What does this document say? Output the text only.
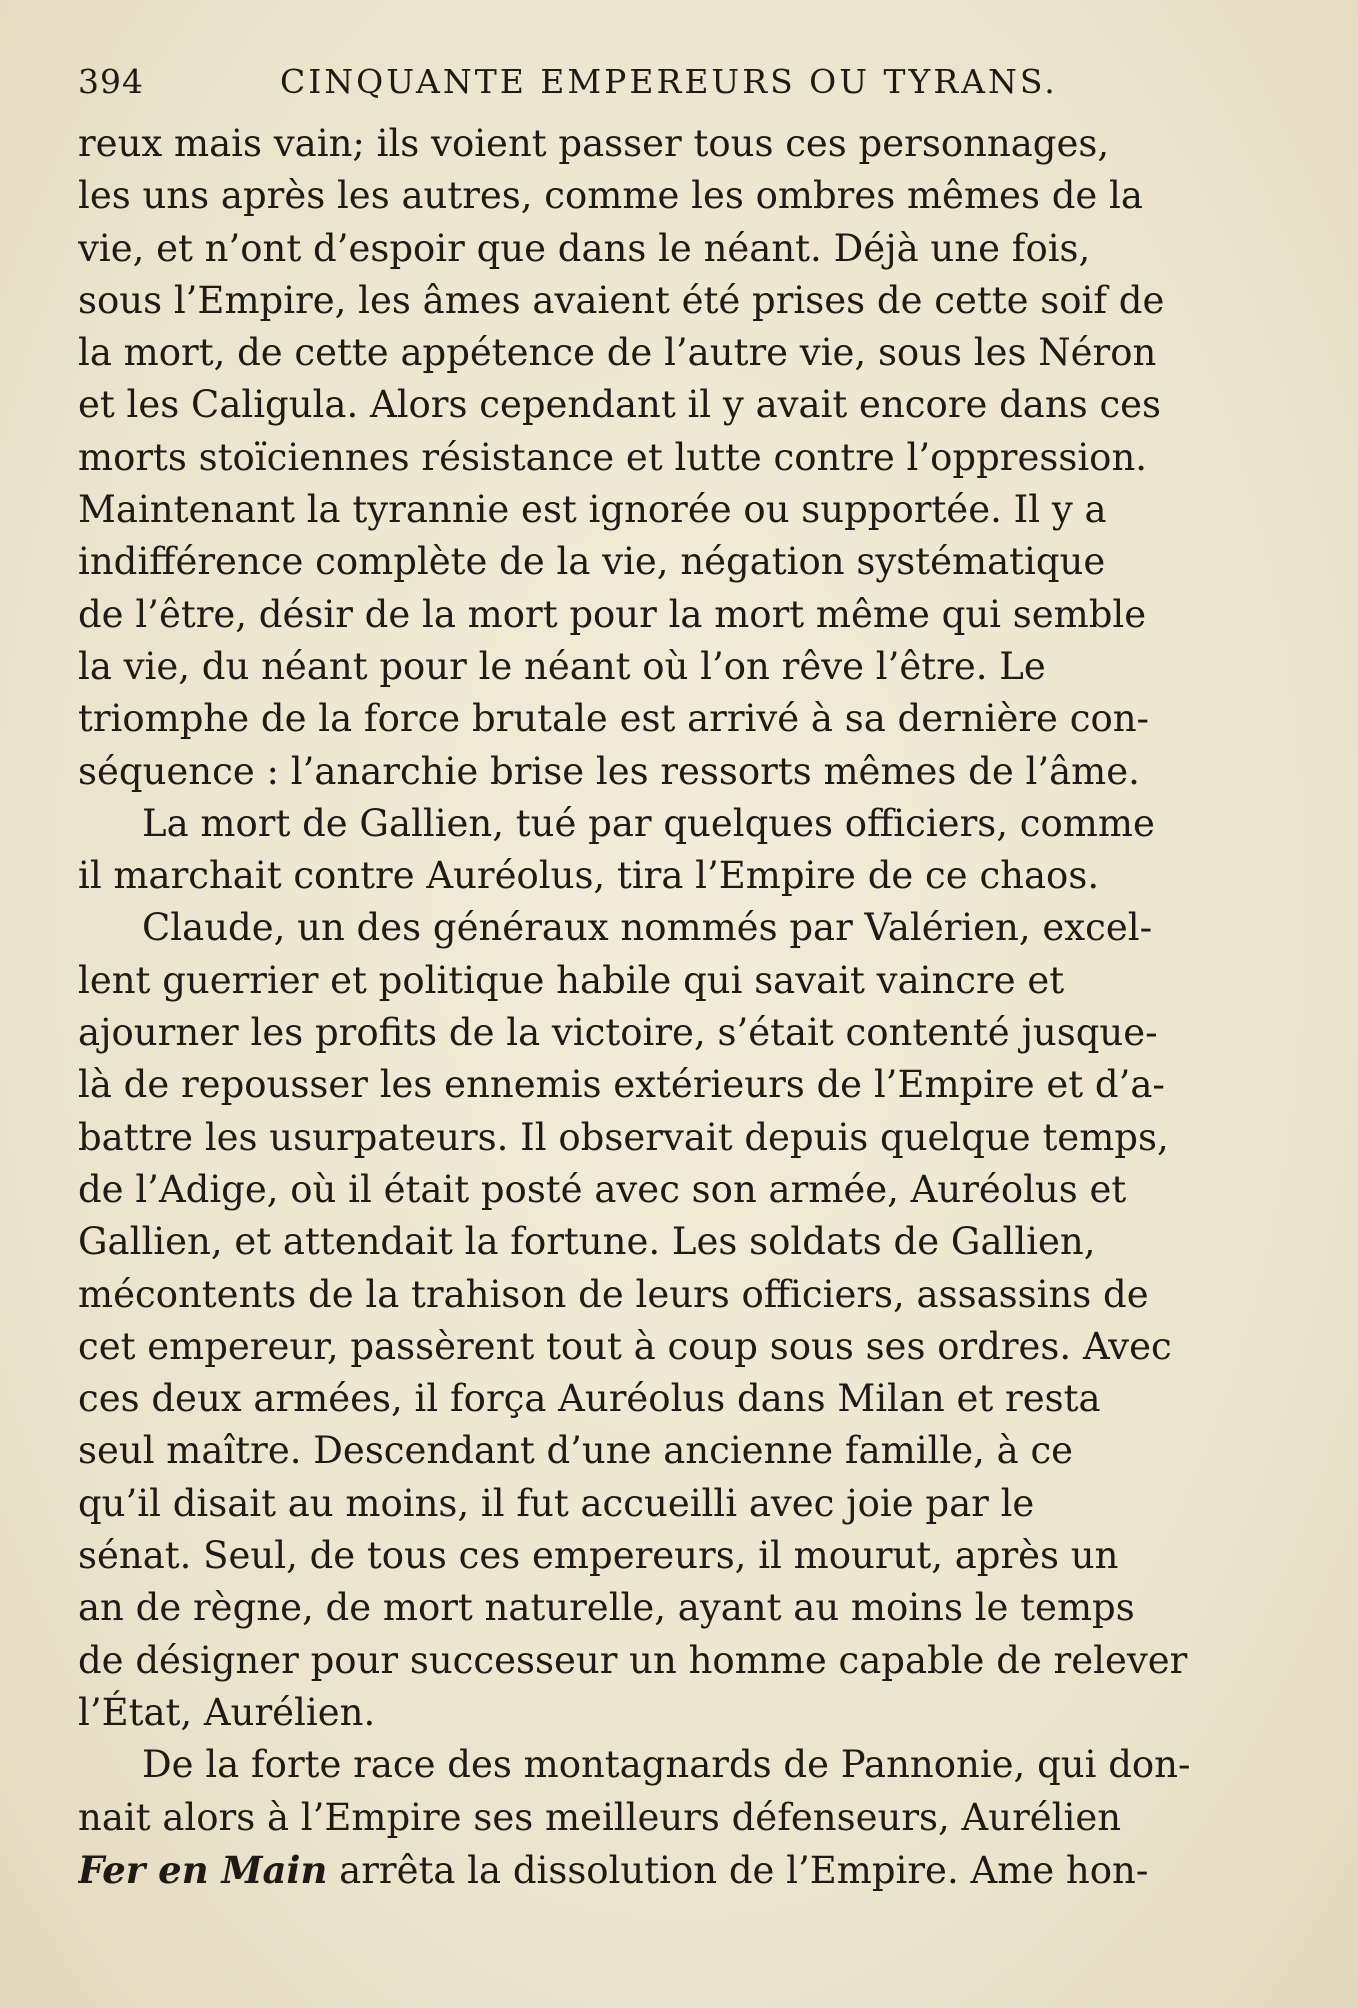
394	CINQUANTE EMPEREURS OU TYRANS.
reux mais vain; ils voient passer tous ces personnages,
les uns après les autres, comme les ombres mêmes de la
vie, et n’ont d’espoir que dans le néant. Déjà une fois,
sous l’Empire, les âmes avaient été prises de cette soif de
la mort, de cette appétence de l’autre vie, sous les Néron
et les Caligula. Alors cependant il y avait encore dans ces
morts stoïciennes résistance et lutte contre l’oppression.
Maintenant la tyrannie est ignorée ou supportée. Il y a
indifférence complète de la vie, négation systématique
de l’être, désir de la mort pour la mort même qui semble
la vie, du néant pour le néant où l’on rêve l’être. Le
triomphe de la force brutale est arrivé à sa dernière con-
séquence : l’anarchie brise les ressorts mêmes de l’âme.
La mort de Gallien, tué par quelques officiers, comme
il marchait contre Auréolus, tira l’Empire de ce chaos.
Claude, un des généraux nommés par Valérien, excel-
lent guerrier et politique habile qui savait vaincre et
ajourner les profits de la victoire, s’était contenté jusque-
là de repousser les ennemis extérieurs de l’Empire et d’a-
battre les usurpateurs. Il observait depuis quelque temps,
de l’Adige, où il était posté avec son armée, Auréolus et
Gallien, et attendait la fortune. Les soldats de Gallien,
mécontents de la trahison de leurs officiers, assassins de
cet empereur, passèrent tout à coup sous ses ordres. Avec
ces deux armées, il força Auréolus dans Milan et resta
seul maître. Descendant d’une ancienne famille, à ce
qu’il disait au moins, il fut accueilli avec joie par le
sénat. Seul, de tous ces empereurs, il mourut, après un
an de règne, de mort naturelle, ayant au moins le temps
de désigner pour successeur un homme capable de relever
l’État, Aurélien.
De la forte race des montagnards de Pannonie, qui don-
nait alors à l’Empire ses meilleurs défenseurs, Aurélien
Fer en Main arrêta la dissolution de l’Empire. Ame hon-
